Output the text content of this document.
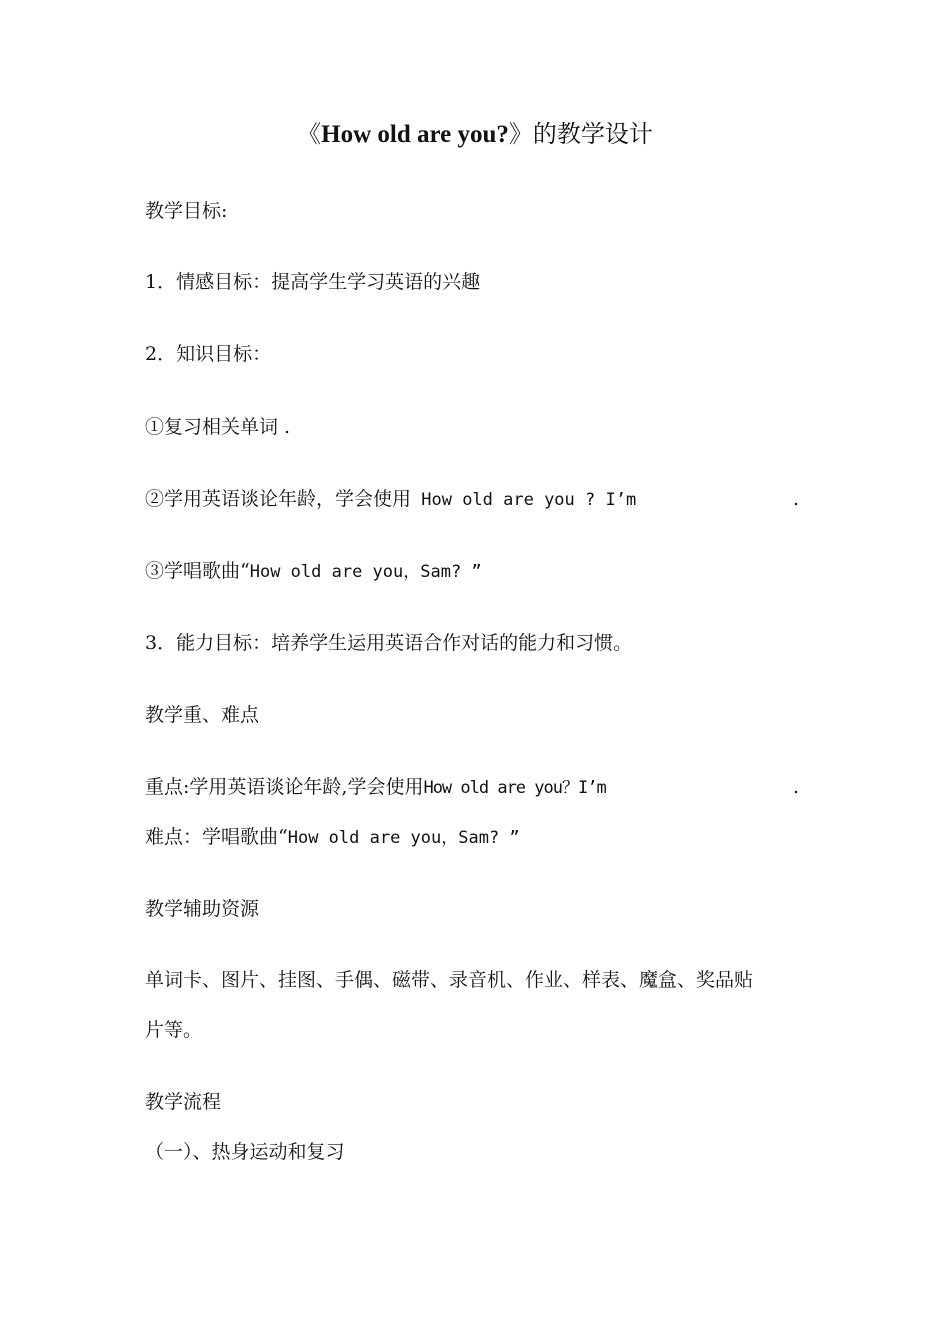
《How old are you?》的教学设计
教学目标:
1．情感目标：提高学生学习英语的兴趣
2．知识目标：
①复习相关单词 .
②学用英语谈论年龄，学会使用 How old are you ? I’m	.
③学唱歌曲“How old are you，Sam? ”
3．能力目标：培养学生运用英语合作对话的能力和习惯。
教学重、难点
重点:学用英语谈论年龄,学会使用How old are you？I’m	.
难点：学唱歌曲“How old are you，Sam? ”
教学辅助资源
单词卡、图片、挂图、手偶、磁带、录音机、作业、样表、魔盒、奖品贴
片等。
教学流程
（一）、热身运动和复习
